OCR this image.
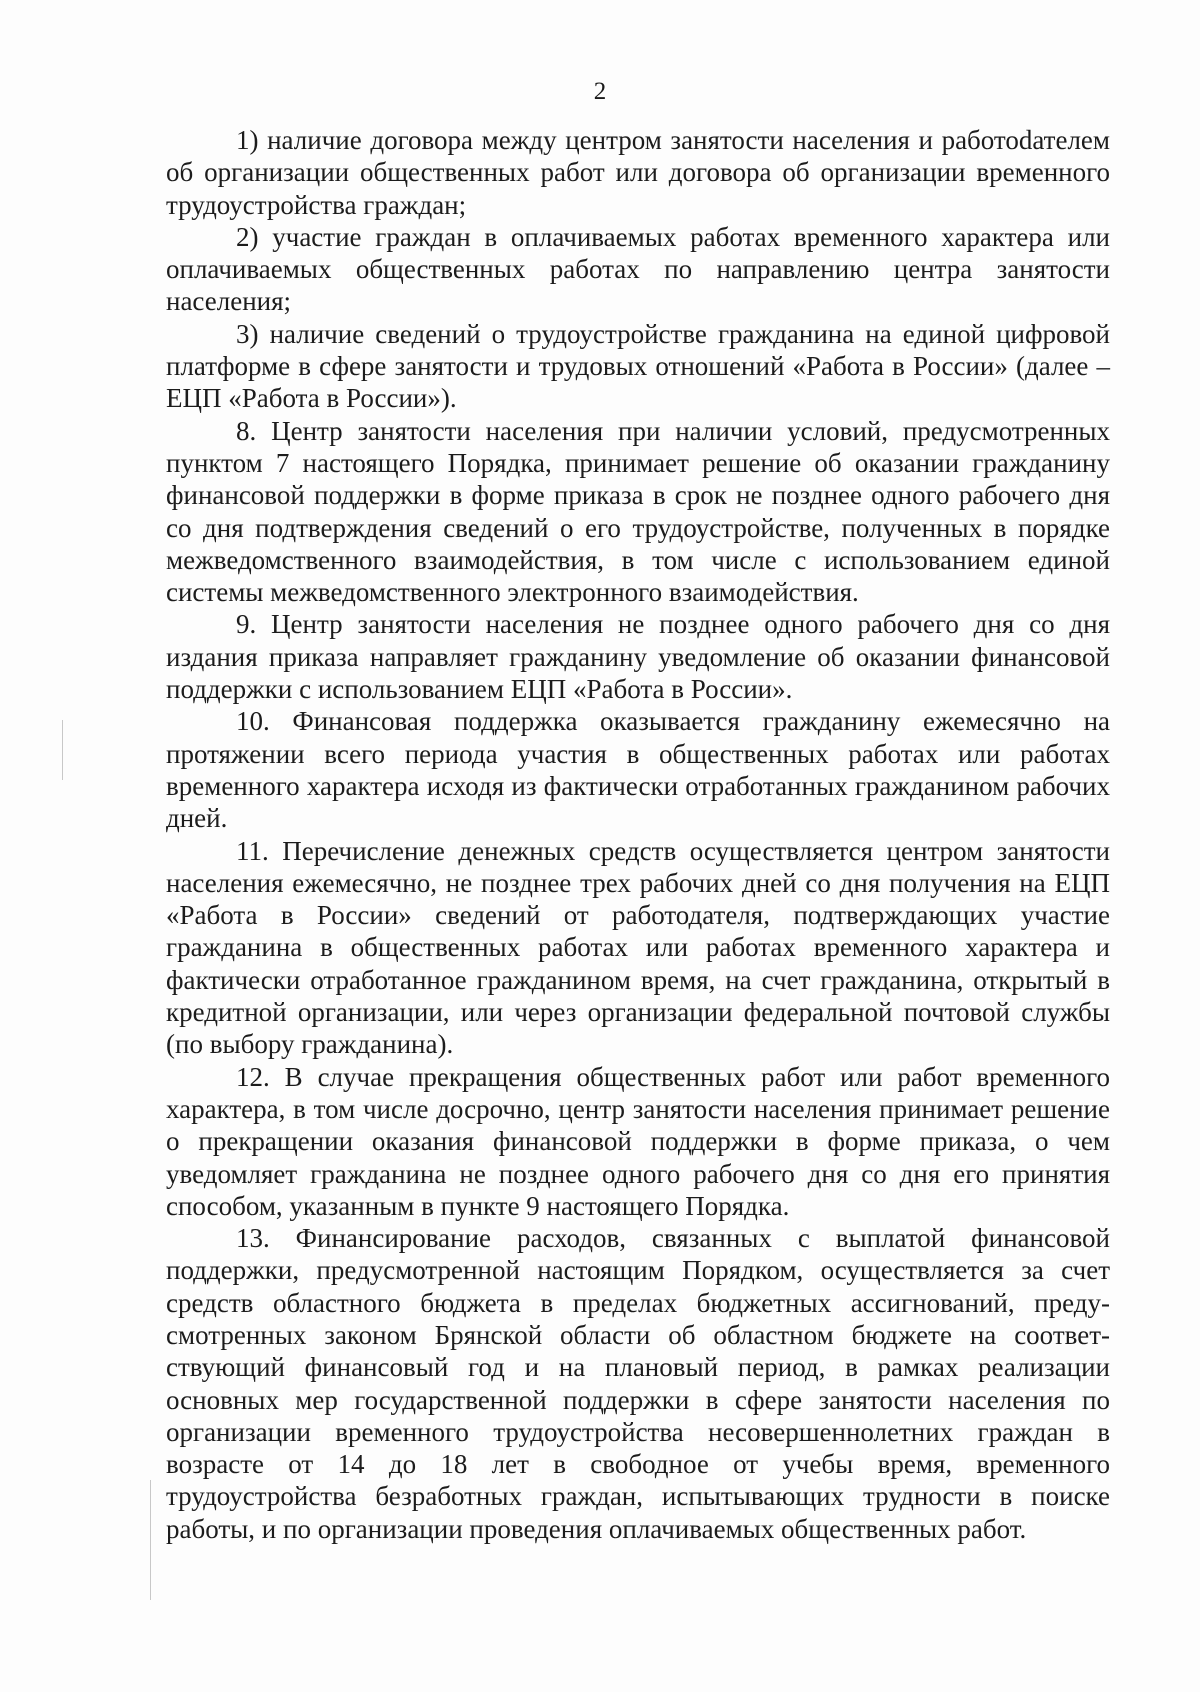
2

1) наличие договора между центром занятости населения и работоdателем об организации общественных работ или договора об организации временного трудоустройства граждан;

2) участие граждан в оплачиваемых работах временного характера или оплачиваемых общественных работах по направлению центра занятости населения;

3) наличие сведений о трудоустройстве гражданина на единой цифровой платформе в сфере занятости и трудовых отношений «Работа в России» (далее – ЕЦП «Работа в России»).

8. Центр занятости населения при наличии условий, предусмотренных пунктом 7 настоящего Порядка, принимает решение об оказании гражданину финансовой поддержки в форме приказа в срок не позднее одного рабочего дня со дня подтверждения сведений о его трудоустройстве, полученных в порядке межведомственного взаимодействия, в том числе с использованием единой системы межведомственного электронного взаимодействия.

9. Центр занятости населения не позднее одного рабочего дня со дня издания приказа направляет гражданину уведомление об оказании финансовой поддержки с использованием ЕЦП «Работа в России».

10. Финансовая поддержка оказывается гражданину ежемесячно на протяжении всего периода участия в общественных работах или работах временного характера исходя из фактически отработанных гражданином рабочих дней.

11. Перечисление денежных средств осуществляется центром занятости населения ежемесячно, не позднее трех рабочих дней со дня получения на ЕЦП «Работа в России» сведений от работодателя, подтверждающих участие гражданина в общественных работах или работах временного характера и фактически отработанное гражданином время, на счет гражданина, открытый в кредитной организации, или через организации федеральной почтовой службы (по выбору гражданина).

12. В случае прекращения общественных работ или работ временного характера, в том числе досрочно, центр занятости населения принимает решение о прекращении оказания финансовой поддержки в форме приказа, о чем уведомляет гражданина не позднее одного рабочего дня со дня его принятия способом, указанным в пункте 9 настоящего Порядка.

13. Финансирование расходов, связанных с выплатой финансовой поддержки, предусмотренной настоящим Порядком, осуществляется за счет средств областного бюджета в пределах бюджетных ассигнований, предусмотренных законом Брянской области об областном бюджете на соответствующий финансовый год и на плановый период, в рамках реализации основных мер государственной поддержки в сфере занятости населения по организации временного трудоустройства несовершеннолетних граждан в возрасте от 14 до 18 лет в свободное от учебы время, временного трудоустройства безработных граждан, испытывающих трудности в поиске работы, и по организации проведения оплачиваемых общественных работ.
